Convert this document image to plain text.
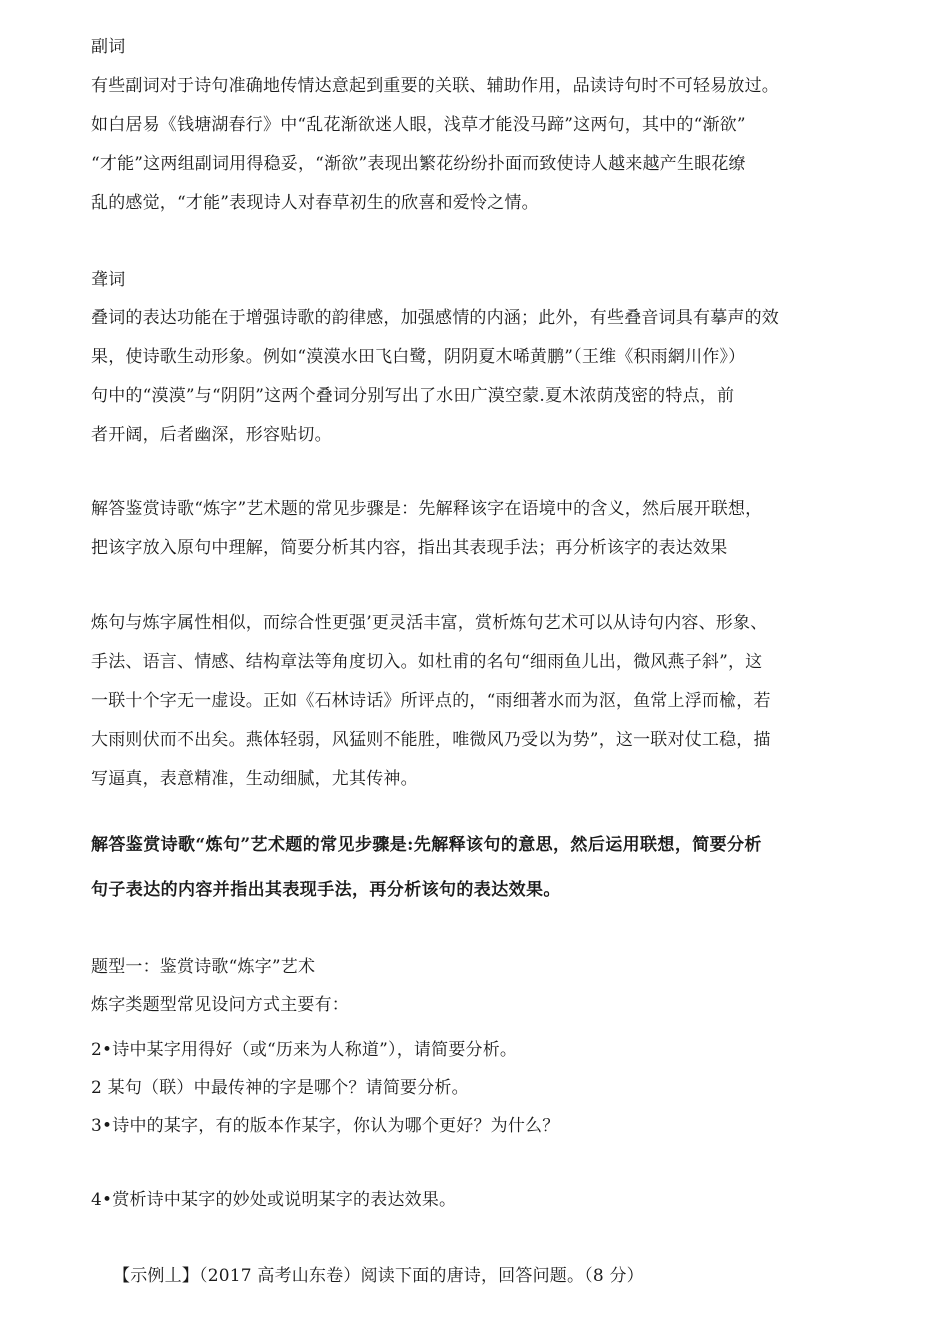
副词
有些副词对于诗句准确地传情达意起到重要的关联、辅助作用，品读诗句时不可轻易放过。
如白居易《钱塘湖春行》中“乱花渐欲迷人眼，浅草才能没马蹄”这两句，其中的“渐欲”
“才能”这两组副词用得稳妥，“渐欲”表现出繁花纷纷扑面而致使诗人越来越产生眼花缭
乱的感觉，“才能”表现诗人对春草初生的欣喜和爱怜之情。
聋词
叠词的表达功能在于增强诗歌的韵律感，加强感情的内涵；此外，有些叠音词具有摹声的效
果，使诗歌生动形象。例如“漠漠水田飞白鹭，阴阴夏木唏黄鹏”（王维《积雨網川作》）
句中的“漠漠”与“阴阴”这两个叠词分别写出了水田广漠空蒙.夏木浓荫茂密的特点，前
者开阔，后者幽深，形容贴切。
解答鉴赏诗歌“炼字”艺术题的常见步骤是：先解释该字在语境中的含义，然后展开联想，
把该字放入原句中理解，简要分析其内容，指出其表现手法；再分析该字的表达效果
炼句与炼字属性相似，而综合性更强’更灵活丰富，赏析炼句艺术可以从诗句内容、形象、
手法、语言、情感、结构章法等角度切入。如杜甫的名句“细雨鱼儿出，微风燕子斜”，这
一联十个字无一虚设。正如《石林诗话》所评点的，“雨细著水而为沤，鱼常上浮而楡，若
大雨则伏而不出矣。燕体轻弱，风猛则不能胜，唯微风乃受以为势”，这一联对仗工稳，描
写逼真，表意精准，生动细腻，尤其传神。
解答鉴赏诗歌“炼句”艺术题的常见步骤是:先解释该句的意思，然后运用联想，简要分析
句子表达的内容并指出其表现手法，再分析该句的表达效果。
题型一：鉴赏诗歌“炼字”艺术
炼字类题型常见设问方式主要有：
2•诗中某字用得好（或“历来为人称道”），请简要分析。
2 某句（联）中最传神的字是哪个？请简要分析。
3•诗中的某字，有的版本作某字，你认为哪个更好？为什么？
4•赏析诗中某字的妙处或说明某字的表达效果。
【示例丄】（2017 高考山东卷）阅读下面的唐诗，回答问题。（8 分）
